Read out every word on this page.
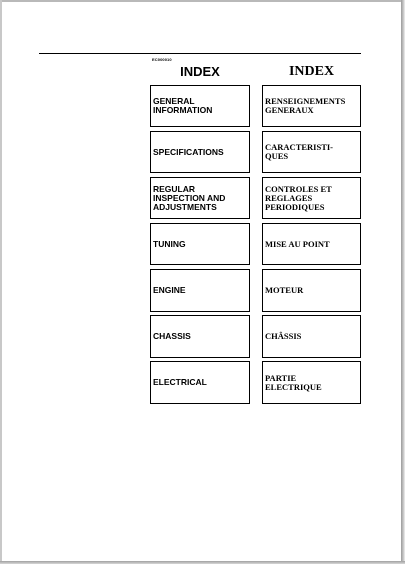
EC000010
INDEX	INDEX
GENERAL
INFORMATION
SPECIFICATIONS
REGULAR
INSPECTION AND
ADJUSTMENTS
TUNING
ENGINE
CHASSIS
ELECTRICAL
RENSEIGNEMENTS
GENERAUX
CARACTERISTI-
QUES
CONTROLES ET
REGLAGES
PERIODIQUES
MISE AU POINT
MOTEUR
CHÂSSIS
PARTIE
ELECTRIQUE
